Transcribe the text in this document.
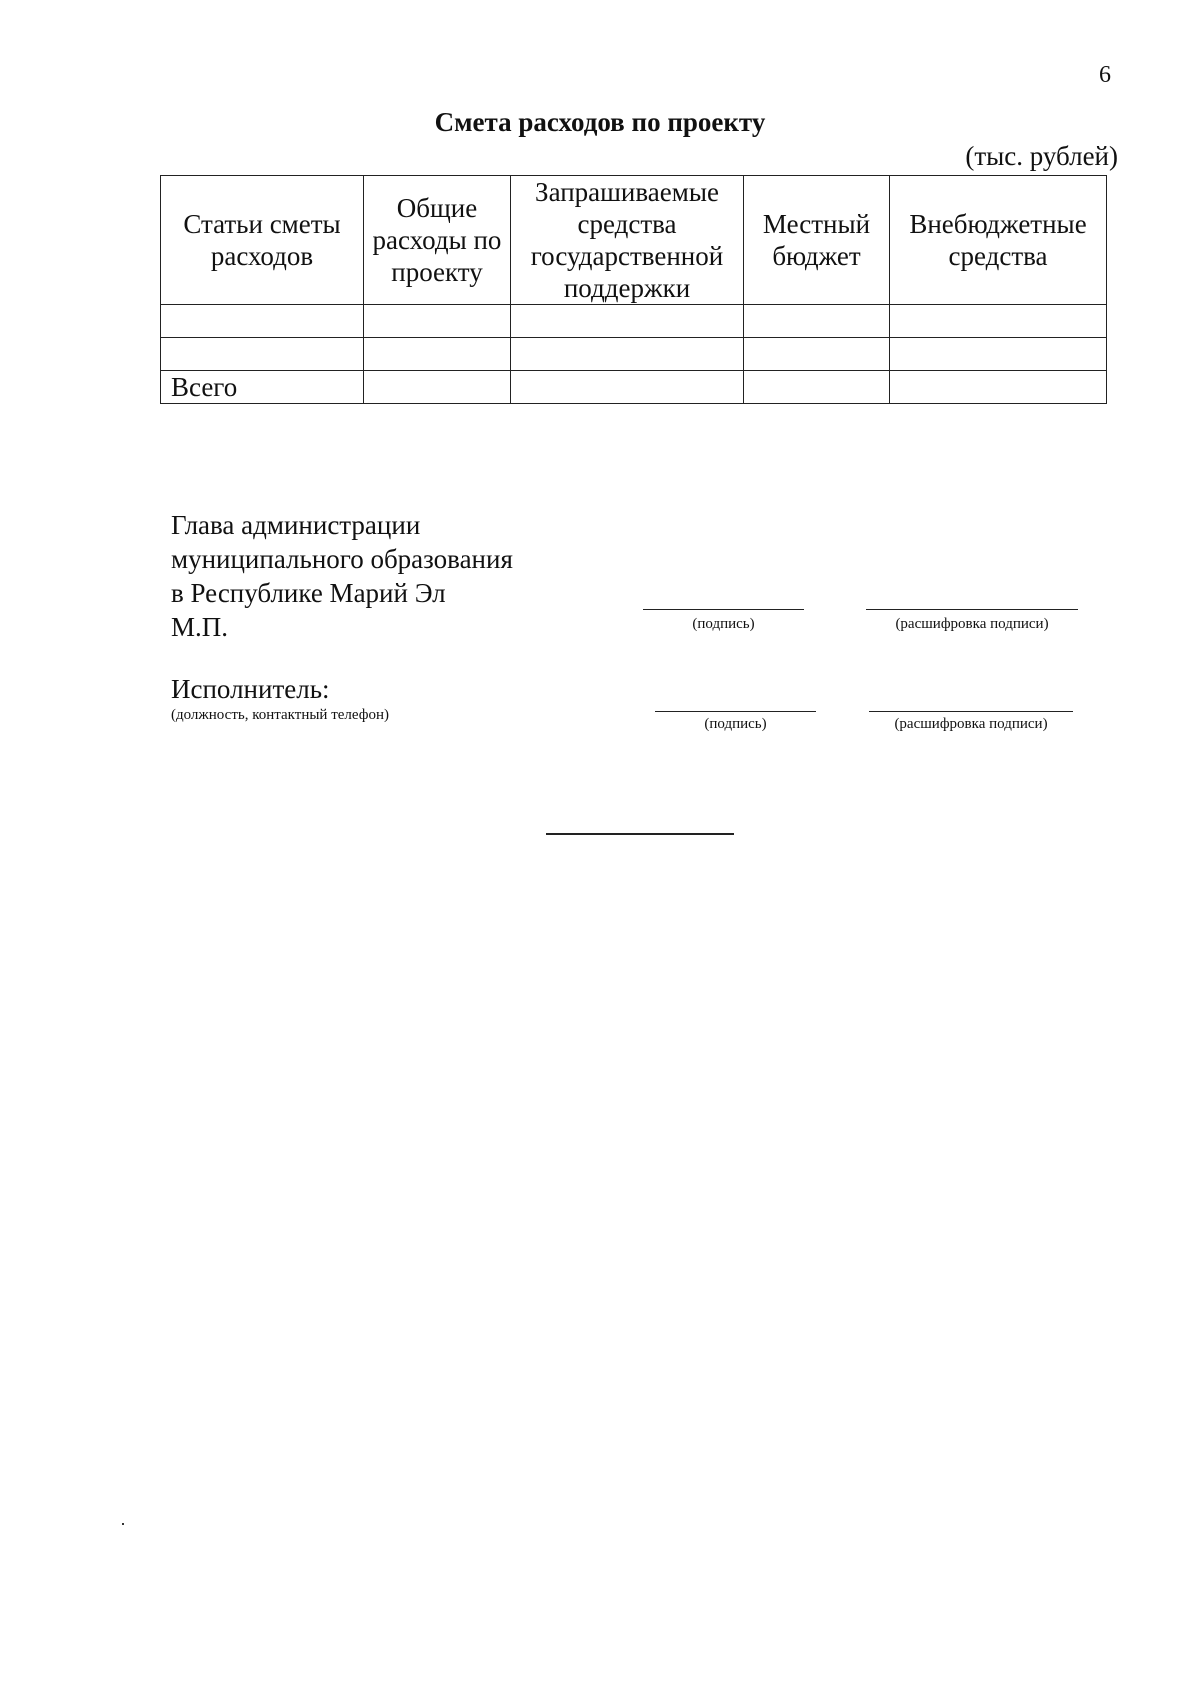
6
Смета расходов по проекту
(тыс. рублей)
Статьи сметы расходов	Общие расходы по проекту	Запрашиваемые средства государственной поддержки	Местный бюджет	Внебюджетные средства

Всего				
Глава администрации
муниципального образования
в Республике Марий Эл
М.П.	(подпись)	(расшифровка подписи)
Исполнитель:
(должность, контактный телефон)
(подпись)	(расшифровка подписи)
